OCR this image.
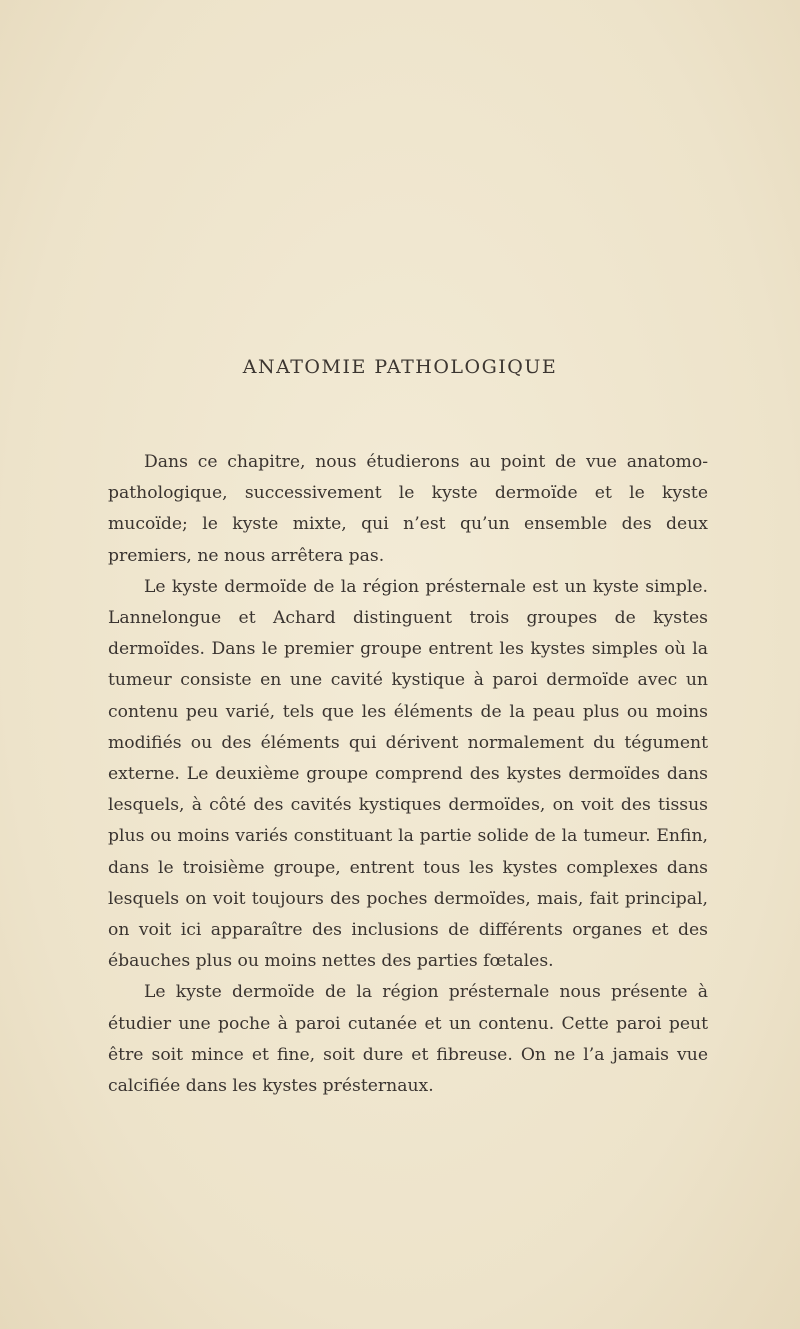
ANATOMIE PATHOLOGIQUE

Dans ce chapitre, nous étudierons au point de vue anatomo-pathologique, successivement le kyste dermoïde et le kyste mucoïde; le kyste mixte, qui n’est qu’un ensemble des deux premiers, ne nous arrêtera pas.

Le kyste dermoïde de la région présternale est un kyste simple. Lannelongue et Achard distinguent trois groupes de kystes dermoïdes. Dans le premier groupe entrent les kystes simples où la tumeur consiste en une cavité kystique à paroi dermoïde avec un contenu peu varié, tels que les éléments de la peau plus ou moins modifiés ou des éléments qui dérivent normalement du tégument externe. Le deuxième groupe comprend des kystes dermoïdes dans lesquels, à côté des cavités kystiques dermoïdes, on voit des tissus plus ou moins variés constituant la partie solide de la tumeur. Enfin, dans le troisième groupe, entrent tous les kystes complexes dans lesquels on voit toujours des poches dermoïdes, mais, fait principal, on voit ici apparaître des inclusions de différents organes et des ébauches plus ou moins nettes des parties fœtales.

Le kyste dermoïde de la région présternale nous présente à étudier une poche à paroi cutanée et un contenu. Cette paroi peut être soit mince et fine, soit dure et fibreuse. On ne l’a jamais vue calcifiée dans les kystes présternaux.
